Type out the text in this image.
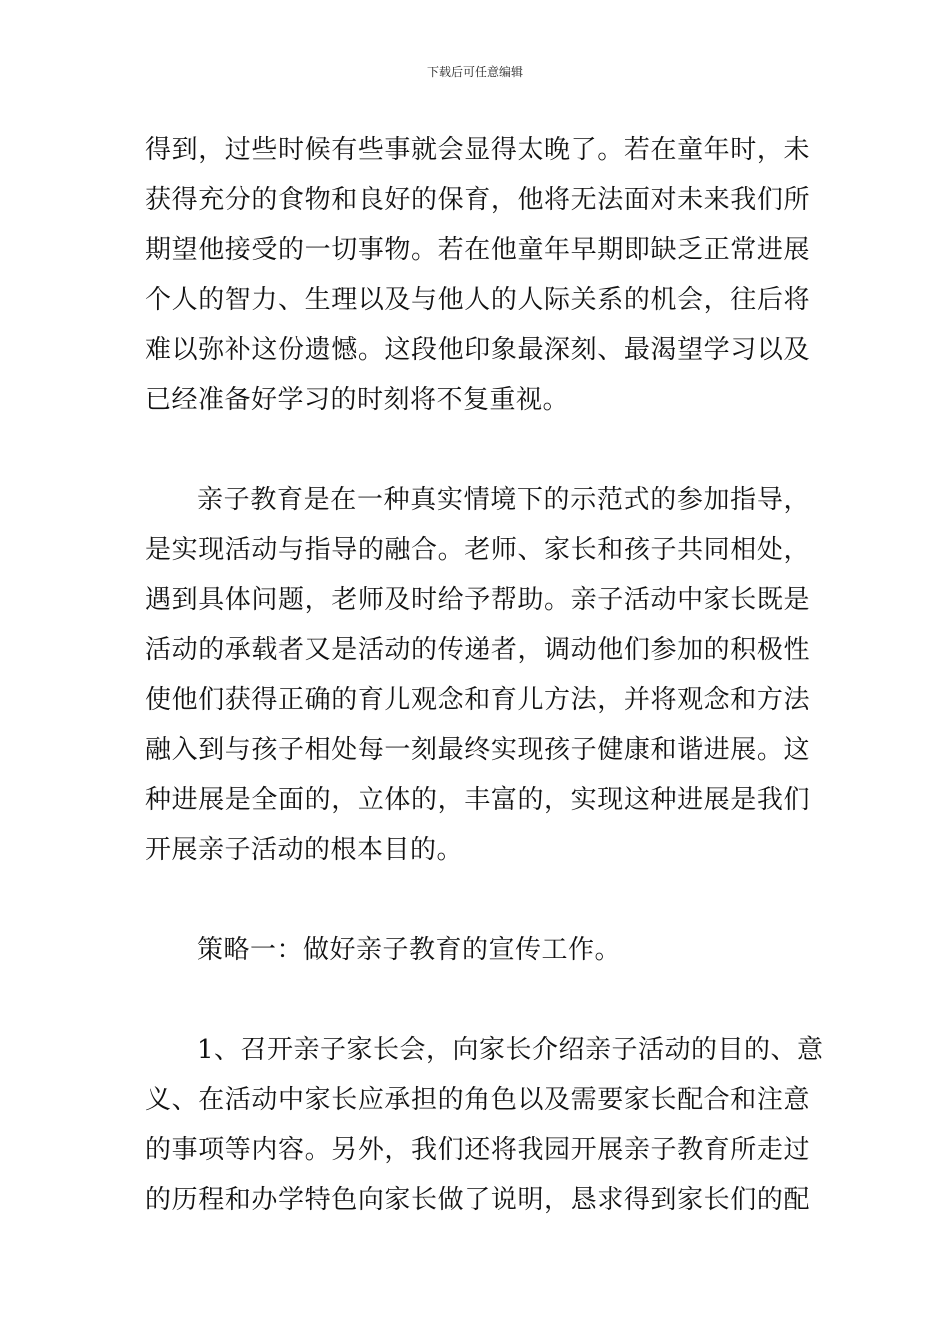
下载后可任意编辑
得到，过些时候有些事就会显得太晚了。若在童年时，未
获得充分的食物和良好的保育，他将无法面对未来我们所
期望他接受的一切事物。若在他童年早期即缺乏正常进展
个人的智力、生理以及与他人的人际关系的机会，往后将
难以弥补这份遗憾。这段他印象最深刻、最渴望学习以及
已经准备好学习的时刻将不复重视。
亲子教育是在一种真实情境下的示范式的参加指导，
是实现活动与指导的融合。老师、家长和孩子共同相处，
遇到具体问题，老师及时给予帮助。亲子活动中家长既是
活动的承载者又是活动的传递者，调动他们参加的积极性
使他们获得正确的育儿观念和育儿方法，并将观念和方法
融入到与孩子相处每一刻最终实现孩子健康和谐进展。这
种进展是全面的，立体的，丰富的，实现这种进展是我们
开展亲子活动的根本目的。
策略一：做好亲子教育的宣传工作。
1、召开亲子家长会，向家长介绍亲子活动的目的、意
义、在活动中家长应承担的角色以及需要家长配合和注意
的事项等内容。另外，我们还将我园开展亲子教育所走过
的历程和办学特色向家长做了说明，恳求得到家长们的配
